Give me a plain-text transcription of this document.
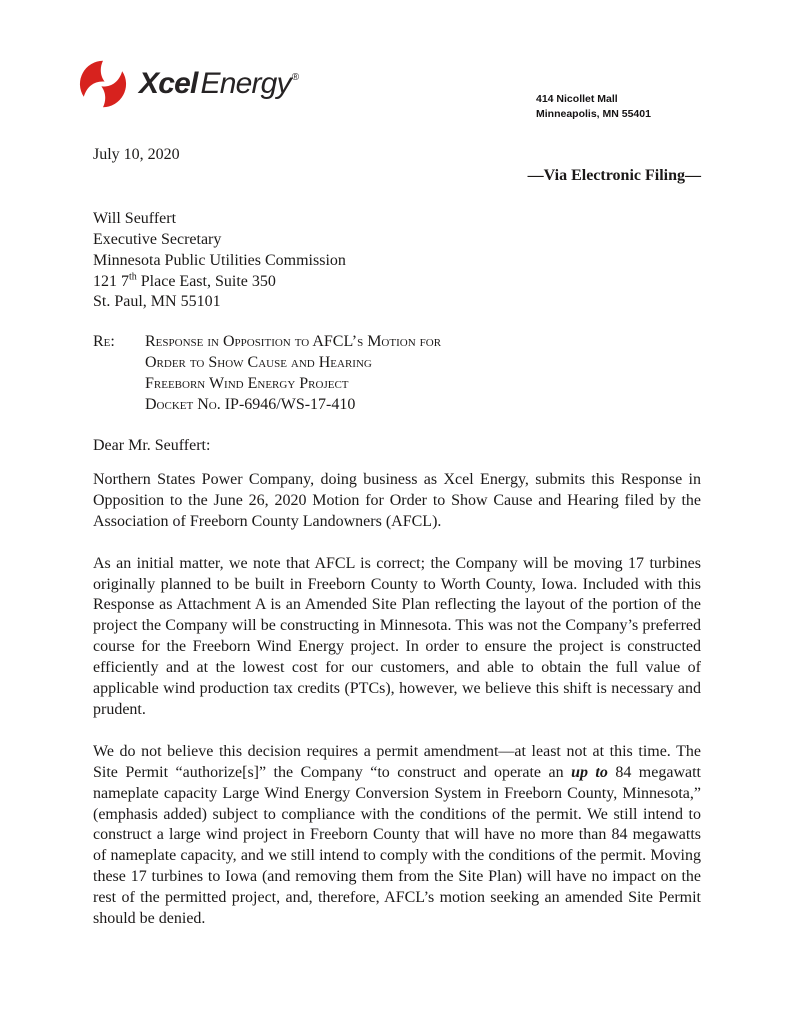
Xcel Energy®
414 Nicollet Mall
Minneapolis, MN 55401
July 10, 2020
—Via Electronic Filing—
Will Seuffert
Executive Secretary
Minnesota Public Utilities Commission
121 7th Place East, Suite 350
St. Paul, MN 55101
Re:	Response in Opposition to AFCL’s Motion for
Order to Show Cause and Hearing
Freeborn Wind Energy Project
Docket No. IP-6946/WS-17-410
Dear Mr. Seuffert:

Northern States Power Company, doing business as Xcel Energy, submits this Response in Opposition to the June 26, 2020 Motion for Order to Show Cause and Hearing filed by the Association of Freeborn County Landowners (AFCL).

As an initial matter, we note that AFCL is correct; the Company will be moving 17 turbines originally planned to be built in Freeborn County to Worth County, Iowa. Included with this Response as Attachment A is an Amended Site Plan reflecting the layout of the portion of the project the Company will be constructing in Minnesota. This was not the Company’s preferred course for the Freeborn Wind Energy project. In order to ensure the project is constructed efficiently and at the lowest cost for our customers, and able to obtain the full value of applicable wind production tax credits (PTCs), however, we believe this shift is necessary and prudent.

We do not believe this decision requires a permit amendment—at least not at this time. The Site Permit “authorize[s]” the Company “to construct and operate an up to 84 megawatt nameplate capacity Large Wind Energy Conversion System in Freeborn County, Minnesota,” (emphasis added) subject to compliance with the conditions of the permit. We still intend to construct a large wind project in Freeborn County that will have no more than 84 megawatts of nameplate capacity, and we still intend to comply with the conditions of the permit. Moving these 17 turbines to Iowa (and removing them from the Site Plan) will have no impact on the rest of the permitted project, and, therefore, AFCL’s motion seeking an amended Site Permit should be denied.
